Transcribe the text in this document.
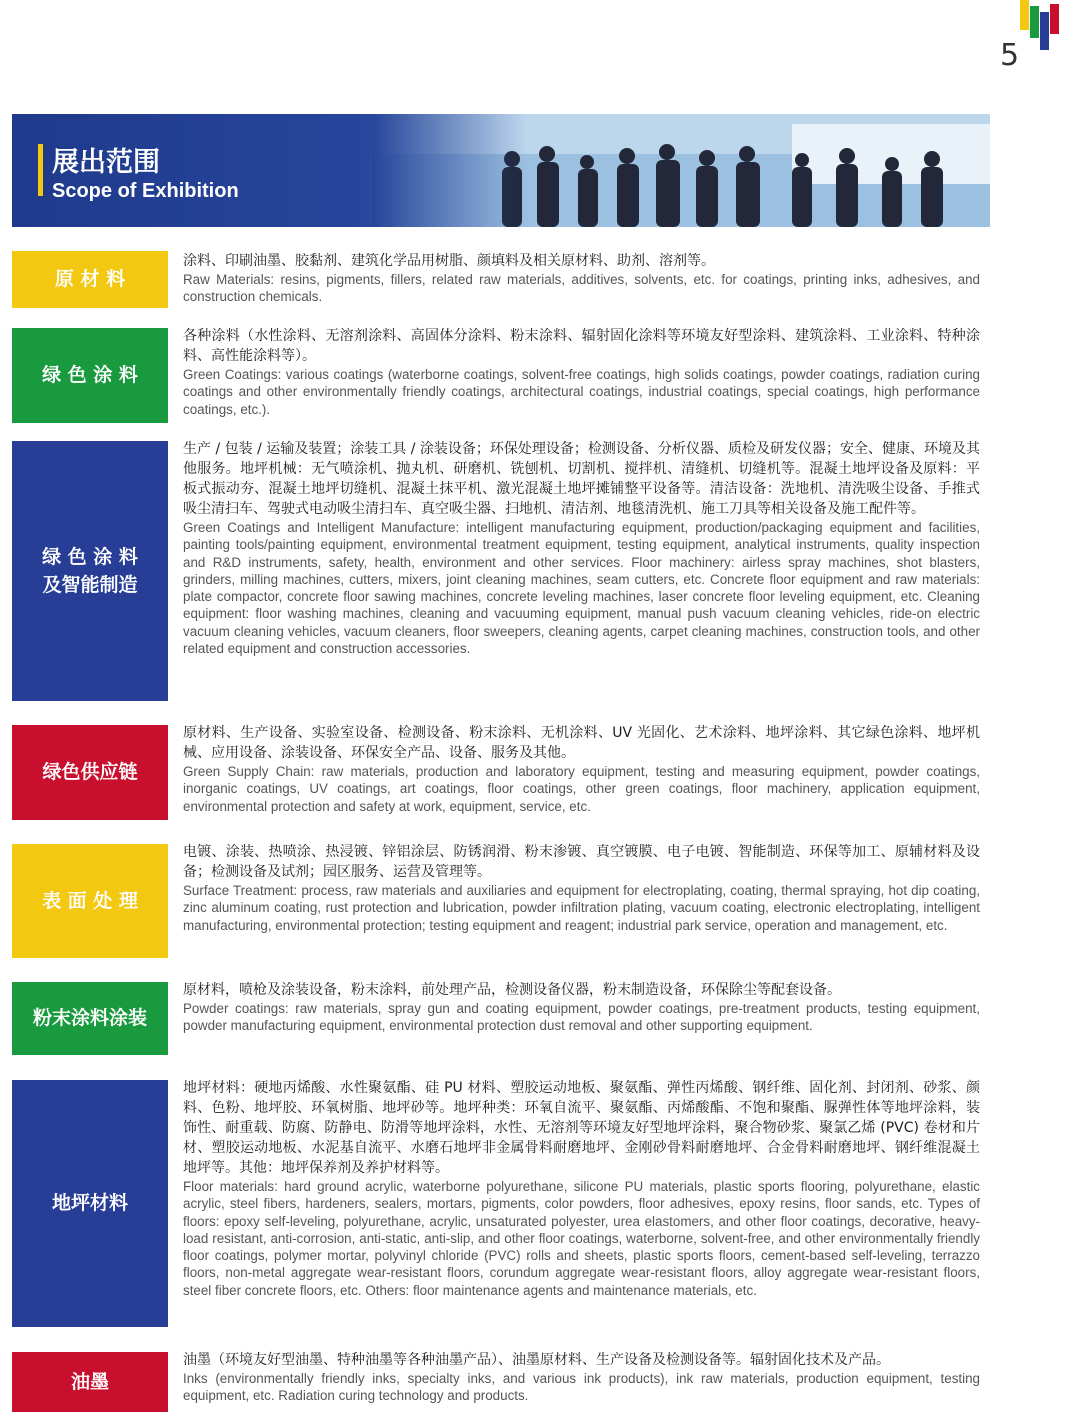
5
展出范围
Scope of Exhibition
原 材 料

涂料、印刷油墨、胶黏剂、建筑化学品用树脂、颜填料及相关原材料、助剂、溶剂等。

Raw Materials: resins, pigments, fillers, related raw materials, additives, solvents, etc. for coatings, printing inks, adhesives, and construction chemicals.

绿 色 涂 料

各种涂料（水性涂料、无溶剂涂料、高固体分涂料、粉末涂料、辐射固化涂料等环境友好型涂料、建筑涂料、工业涂料、特种涂料、高性能涂料等）。

Green Coatings: various coatings (waterborne coatings, solvent-free coatings, high solids coatings, powder coatings, radiation curing coatings and other environmentally friendly coatings, architectural coatings, industrial coatings, special coatings, high performance coatings, etc.).

绿 色 涂 料
及智能制造

生产 / 包装 / 运输及装置；涂装工具 / 涂装设备；环保处理设备；检测设备、分析仪器、质检及研发仪器；安全、健康、环境及其他服务。地坪机械：无气喷涂机、抛丸机、研磨机、铣刨机、切割机、搅拌机、清缝机、切缝机等。混凝土地坪设备及原料：平板式振动夯、混凝土地坪切缝机、混凝土抹平机、激光混凝土地坪摊铺整平设备等。清洁设备：洗地机、清洗吸尘设备、手推式吸尘清扫车、驾驶式电动吸尘清扫车、真空吸尘器、扫地机、清洁剂、地毯清洗机、施工刀具等相关设备及施工配件等。

Green Coatings and Intelligent Manufacture: intelligent manufacturing equipment, production/packaging equipment and facilities, painting tools/painting equipment, environmental treatment equipment, testing equipment, analytical instruments, quality inspection and R&D instruments, safety, health, environment and other services. Floor machinery: airless spray machines, shot blasters, grinders, milling machines, cutters, mixers, joint cleaning machines, seam cutters, etc. Concrete floor equipment and raw materials: plate compactor, concrete floor sawing machines, concrete leveling machines, laser concrete floor leveling equipment, etc. Cleaning equipment: floor washing machines, cleaning and vacuuming equipment, manual push vacuum cleaning vehicles, ride-on electric vacuum cleaning vehicles, vacuum cleaners, floor sweepers, cleaning agents, carpet cleaning machines, construction tools, and other related equipment and construction accessories.

绿色供应链

原材料、生产设备、实验室设备、检测设备、粉末涂料、无机涂料、UV 光固化、艺术涂料、地坪涂料、其它绿色涂料、地坪机械、应用设备、涂装设备、环保安全产品、设备、服务及其他。

Green Supply Chain: raw materials, production and laboratory equipment, testing and measuring equipment, powder coatings, inorganic coatings, UV coatings, art coatings, floor coatings, other green coatings, floor machinery, application equipment, environmental protection and safety at work, equipment, service, etc.

表 面 处 理

电镀、涂装、热喷涂、热浸镀、锌铝涂层、防锈润滑、粉末渗镀、真空镀膜、电子电镀、智能制造、环保等加工、原辅材料及设备；检测设备及试剂；园区服务、运营及管理等。

Surface Treatment: process, raw materials and auxiliaries and equipment for electroplating, coating, thermal spraying, hot dip coating, zinc aluminum coating, rust protection and lubrication, powder infiltration plating, vacuum coating, electronic electroplating, intelligent manufacturing, environmental protection; testing equipment and reagent; industrial park service, operation and management, etc.

粉末涂料涂装

原材料，喷枪及涂装设备，粉末涂料，前处理产品，检测设备仪器，粉末制造设备，环保除尘等配套设备。

Powder coatings: raw materials, spray gun and coating equipment, powder coatings, pre-treatment products, testing equipment, powder manufacturing equipment, environmental protection dust removal and other supporting equipment.

地坪材料

地坪材料：硬地丙烯酸、水性聚氨酯、硅 PU 材料、塑胶运动地板、聚氨酯、弹性丙烯酸、钢纤维、固化剂、封闭剂、砂浆、颜料、色粉、地坪胶、环氧树脂、地坪砂等。地坪种类：环氧自流平、聚氨酯、丙烯酸酯、不饱和聚酯、脲弹性体等地坪涂料，装饰性、耐重载、防腐、防静电、防滑等地坪涂料，水性、无溶剂等环境友好型地坪涂料，聚合物砂浆、聚氯乙烯 (PVC) 卷材和片材、塑胶运动地板、水泥基自流平、水磨石地坪非金属骨料耐磨地坪、金刚砂骨料耐磨地坪、合金骨料耐磨地坪、钢纤维混凝土地坪等。其他：地坪保养剂及养护材料等。

Floor materials: hard ground acrylic, waterborne polyurethane, silicone PU materials, plastic sports flooring, polyurethane, elastic acrylic, steel fibers, hardeners, sealers, mortars, pigments, color powders, floor adhesives, epoxy resins, floor sands, etc. Types of floors: epoxy self-leveling, polyurethane, acrylic, unsaturated polyester, urea elastomers, and other floor coatings, decorative, heavy-load resistant, anti-corrosion, anti-static, anti-slip, and other floor coatings, waterborne, solvent-free, and other environmentally friendly floor coatings, polymer mortar, polyvinyl chloride (PVC) rolls and sheets, plastic sports floors, cement-based self-leveling, terrazzo floors, non-metal aggregate wear-resistant floors, corundum aggregate wear-resistant floors, alloy aggregate wear-resistant floors, steel fiber concrete floors, etc. Others: floor maintenance agents and maintenance materials, etc.

油墨

油墨（环境友好型油墨、特种油墨等各种油墨产品）、油墨原材料、生产设备及检测设备等。辐射固化技术及产品。

Inks (environmentally friendly inks, specialty inks, and various ink products), ink raw materials, production equipment, testing equipment, etc. Radiation curing technology and products.
